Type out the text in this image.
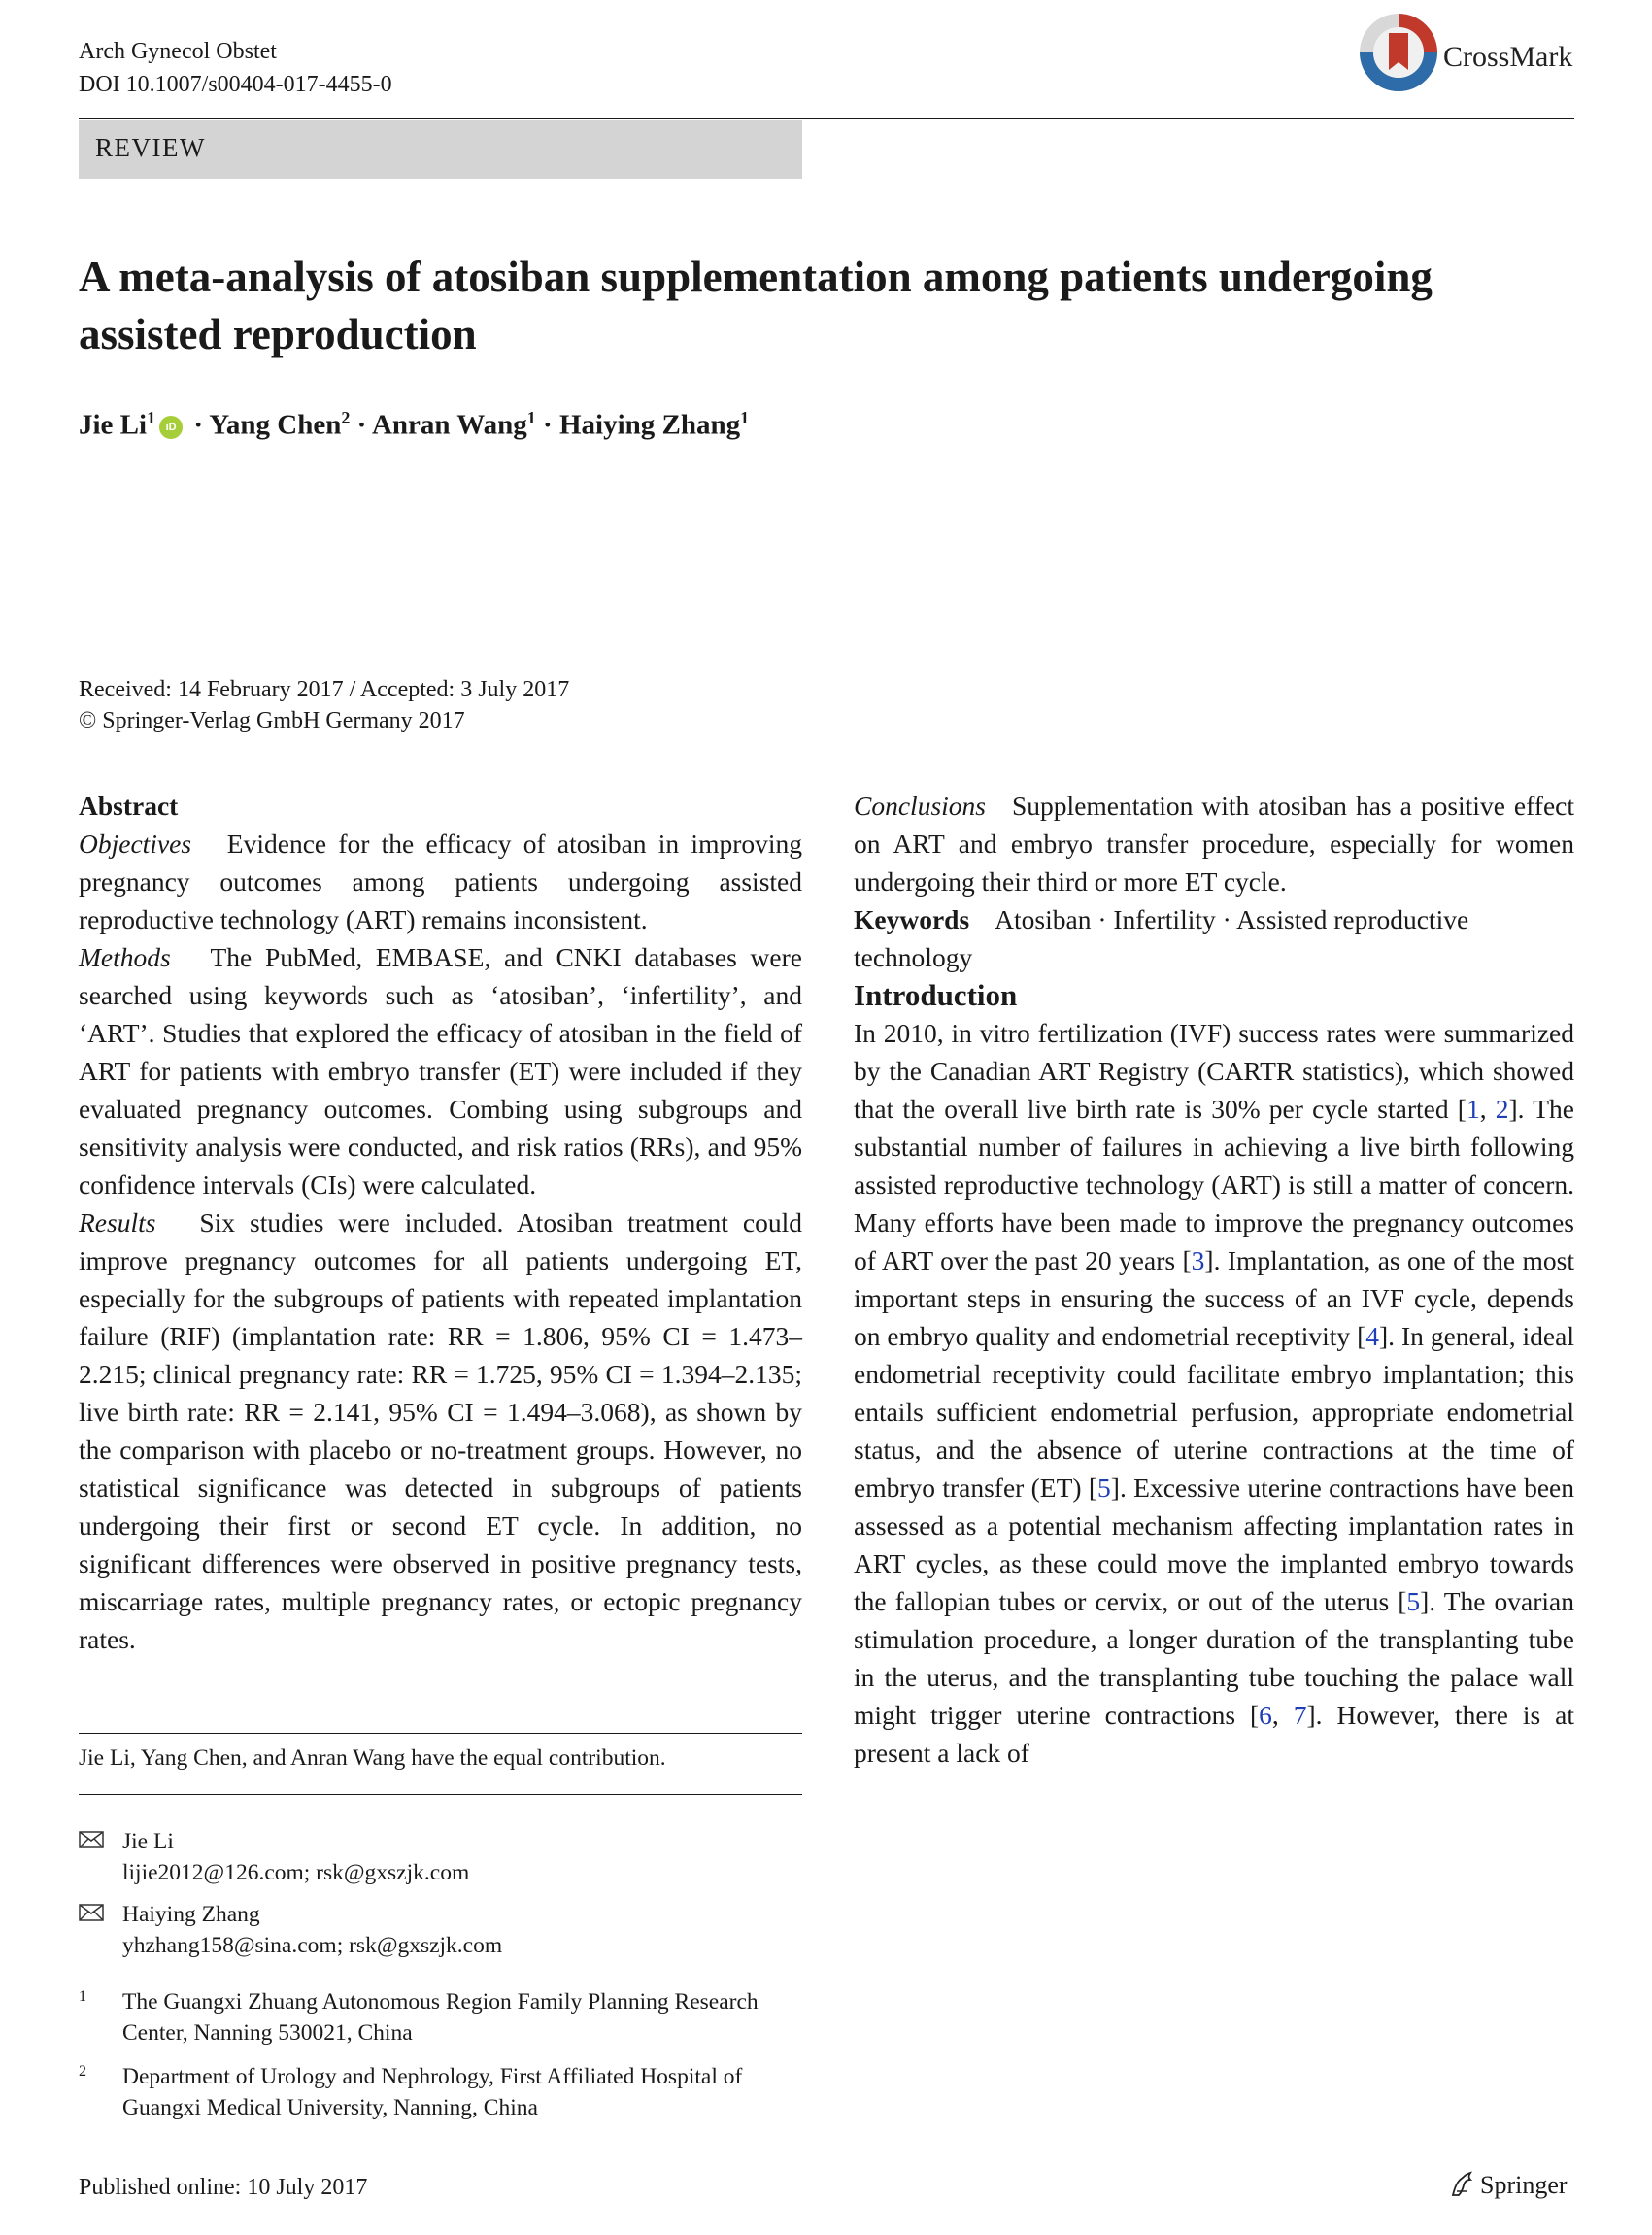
Arch Gynecol Obstet
DOI 10.1007/s00404-017-4455-0
CrossMark
REVIEW
A meta-analysis of atosiban supplementation among patients undergoing assisted reproduction
Jie Li$^1$ iD · Yang Chen$^2$ · Anran Wang$^1$ · Haiying Zhang$^1$
Received: 14 February 2017 / Accepted: 3 July 2017
© Springer-Verlag GmbH Germany 2017

Abstract

Objectives Evidence for the efficacy of atosiban in improving pregnancy outcomes among patients undergoing assisted reproductive technology (ART) remains inconsistent.

Methods The PubMed, EMBASE, and CNKI databases were searched using keywords such as ‘atosiban’, ‘infertility’, and ‘ART’. Studies that explored the efficacy of atosiban in the field of ART for patients with embryo transfer (ET) were included if they evaluated pregnancy outcomes. Combing using subgroups and sensitivity analysis were conducted, and risk ratios (RRs), and 95% confidence intervals (CIs) were calculated.

Results Six studies were included. Atosiban treatment could improve pregnancy outcomes for all patients undergoing ET, especially for the subgroups of patients with repeated implantation failure (RIF) (implantation rate: RR = 1.806, 95% CI = 1.473–2.215; clinical pregnancy rate: RR = 1.725, 95% CI = 1.394–2.135; live birth rate: RR = 2.141, 95% CI = 1.494–3.068), as shown by the comparison with placebo or no-treatment groups. However, no statistical significance was detected in subgroups of patients undergoing their first or second ET cycle. In addition, no significant differences were observed in positive pregnancy tests, miscarriage rates, multiple pregnancy rates, or ectopic pregnancy rates.

Conclusions Supplementation with atosiban has a positive effect on ART and embryo transfer procedure, especially for women undergoing their third or more ET cycle.

Keywords Atosiban · Infertility · Assisted reproductive technology

Introduction

In 2010, in vitro fertilization (IVF) success rates were summarized by the Canadian ART Registry (CARTR statistics), which showed that the overall live birth rate is 30% per cycle started [1, 2]. The substantial number of failures in achieving a live birth following assisted reproductive technology (ART) is still a matter of concern. Many efforts have been made to improve the pregnancy outcomes of ART over the past 20 years [3]. Implantation, as one of the most important steps in ensuring the success of an IVF cycle, depends on embryo quality and endometrial receptivity [4]. In general, ideal endometrial receptivity could facilitate embryo implantation; this entails sufficient endometrial perfusion, appropriate endometrial status, and the absence of uterine contractions at the time of embryo transfer (ET) [5]. Excessive uterine contractions have been assessed as a potential mechanism affecting implantation rates in ART cycles, as these could move the implanted embryo towards the fallopian tubes or cervix, or out of the uterus [5]. The ovarian stimulation procedure, a longer duration of the transplanting tube in the uterus, and the transplanting tube touching the palace wall might trigger uterine contractions [6, 7]. However, there is at present a lack of

Jie Li, Yang Chen, and Anran Wang have the equal contribution.
Jie Li
lijie2012@126.com; rsk@gxszjk.com
Haiying Zhang
yhzhang158@sina.com; rsk@gxszjk.com
1 The Guangxi Zhuang Autonomous Region Family Planning Research Center, Nanning 530021, China
2 Department of Urology and Nephrology, First Affiliated Hospital of Guangxi Medical University, Nanning, China
Published online: 10 July 2017	Springer
